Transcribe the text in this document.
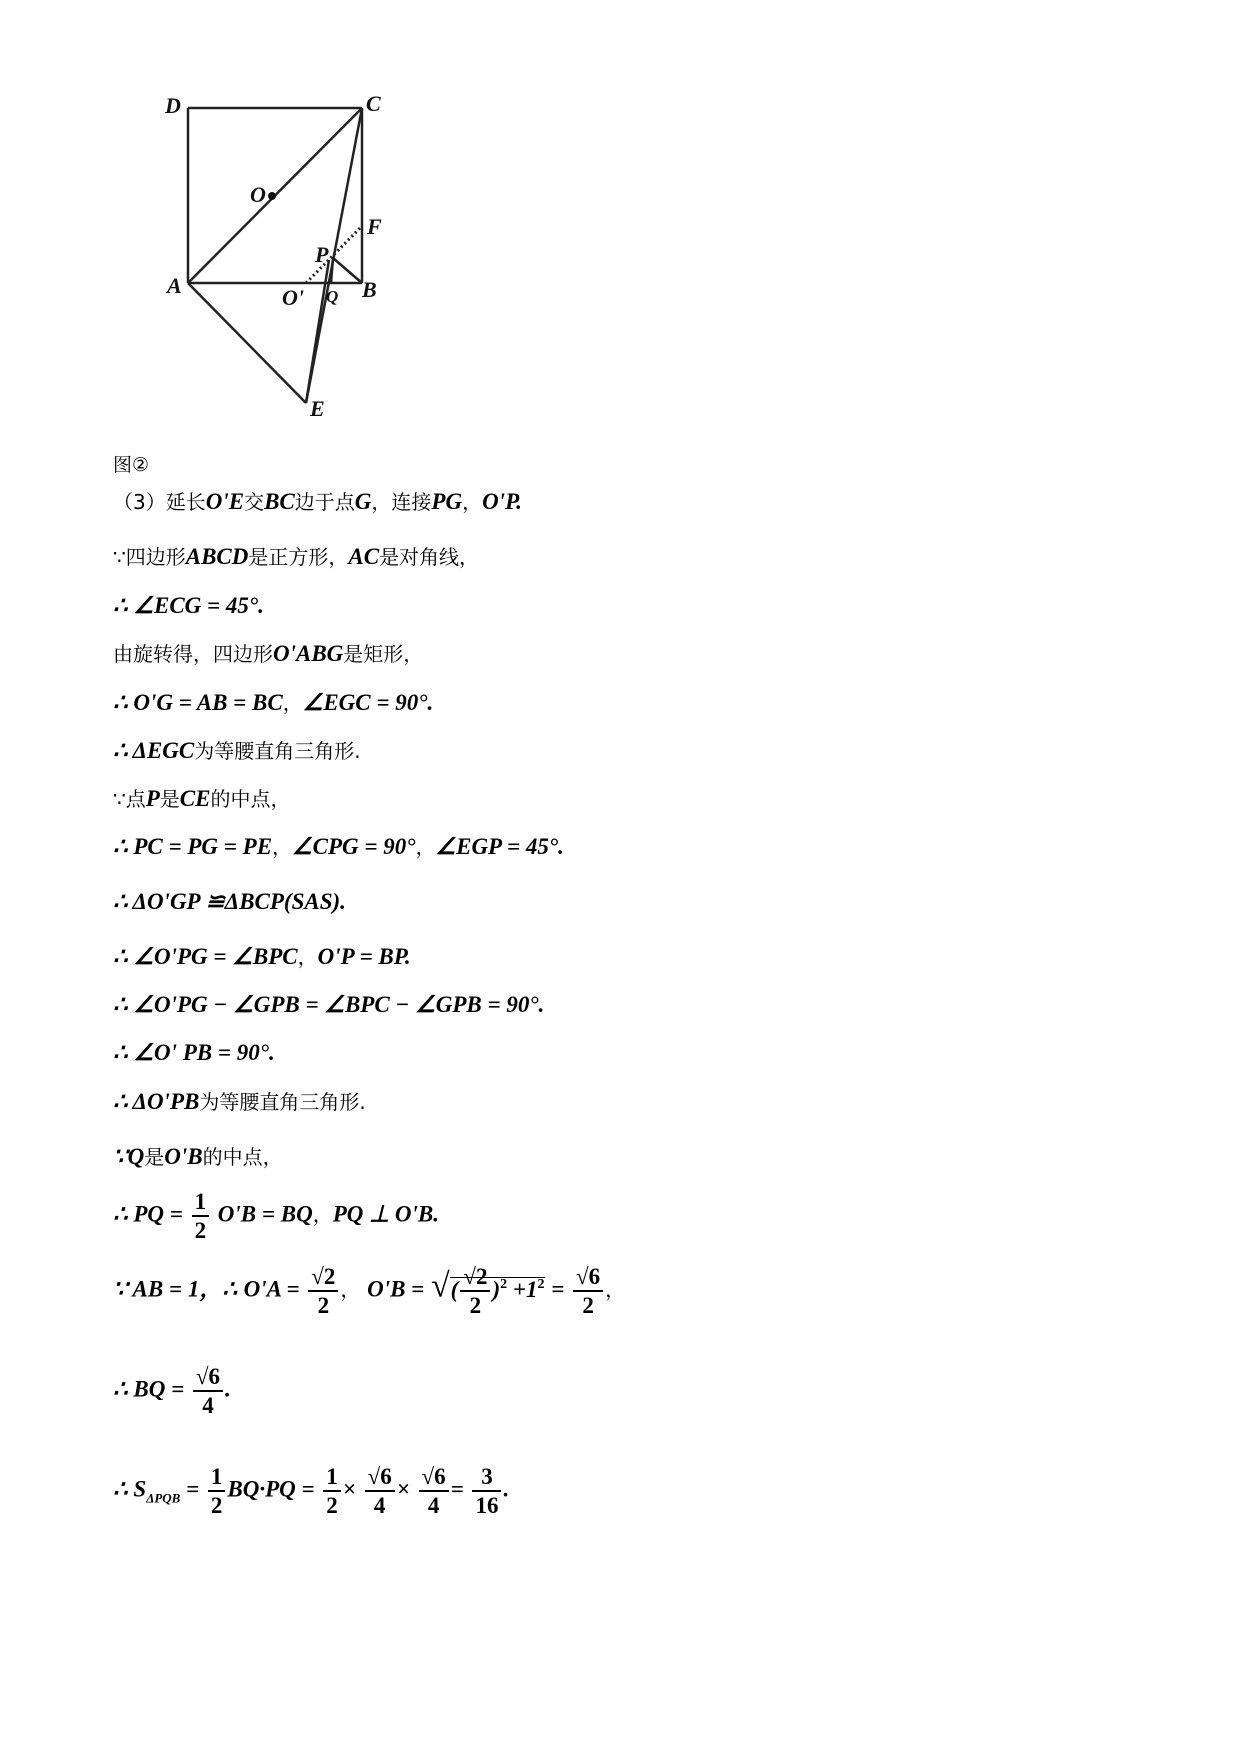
D	C
O
F
P
A	O' Q B
E
图②
（3）延长O'E交BC边于点G，连接PG，O'P.
∵四边形ABCD是正方形，AC是对角线，
∴ ∠ECG = 45°.
由旋转得，四边形O'ABG是矩形，
∴ O'G = AB = BC，∠EGC = 90°.
∴ ΔEGC为等腰直角三角形.
∵点P是CE的中点，
∴ PC = PG = PE，∠CPG = 90°，∠EGP = 45°.
∴ ΔO'GP ≌ΔBCP(SAS).
∴ ∠O'PG = ∠BPC，O'P = BP.
∴ ∠O'PG − ∠GPB = ∠BPC − ∠GPB = 90°.
∴ ∠O' PB = 90°.
∴ ΔO'PB为等腰直角三角形.
∵Q是O'B的中点，
∴ PQ = $\frac{1}{2} O'B$ = BQ，PQ ⊥ O'B.
∵ AB = 1，∴ $O'A = \frac{√2}{2}$ ， O'B = √( $\frac{√2}{2} )^2 +1^2 = \frac{√6}{2}$ ，
∴ BQ = $\frac{√6}{4}$ .
∴ $S_{\Delta PQB} = \frac{1}{2} BQ\cdot PQ = \frac{1}{2} \times \frac{√6}{4} \times \frac{√6}{4} = \frac{3}{16}$ .
